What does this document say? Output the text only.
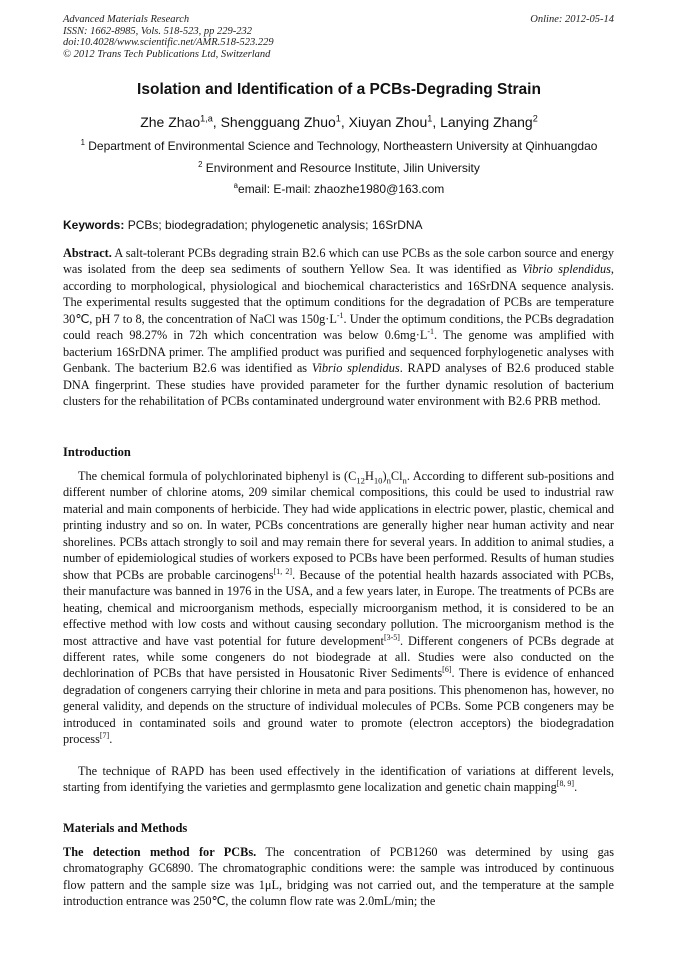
Advanced Materials Research
ISSN: 1662-8985, Vols. 518-523, pp 229-232
doi:10.4028/www.scientific.net/AMR.518-523.229
© 2012 Trans Tech Publications Ltd, Switzerland
Online: 2012-05-14
Isolation and Identification of a PCBs-Degrading Strain
Zhe Zhao$^{1,a}$, Shengguang Zhuo$^1$, Xiuyan Zhou$^1$, Lanying Zhang$^2$
$^1$ Department of Environmental Science and Technology, Northeastern University at Qinhuangdao
$^2$ Environment and Resource Institute, Jilin University
$^a$email: E-mail: zhaozhe1980@163.com
Keywords: PCBs; biodegradation; phylogenetic analysis; 16SrDNA
Abstract. A salt-tolerant PCBs degrading strain B2.6 which can use PCBs as the sole carbon source and energy was isolated from the deep sea sediments of southern Yellow Sea. It was identified as Vibrio splendidus, according to morphological, physiological and biochemical characteristics and 16SrDNA sequence analysis. The experimental results suggested that the optimum conditions for the degradation of PCBs are temperature 30℃, pH 7 to 8, the concentration of NaCl was $150g\cdot L^{-1}$. Under the optimum conditions, the PCBs degradation could reach 98.27% in 72h which concentration was below $0.6mg\cdot L^{-1}$. The genome was amplified with bacterium 16SrDNA primer. The amplified product was purified and sequenced forphylogenetic analyses with Genbank. The bacterium B2.6 was identified as Vibrio splendidus. RAPD analyses of B2.6 produced stable DNA fingerprint. These studies have provided parameter for the further dynamic resolution of bacterium clusters for the rehabilitation of PCBs contaminated underground water environment with B2.6 PRB method.
Introduction
The chemical formula of polychlorinated biphenyl is $(C_{12}H_{10})_nCl_n$. According to different sub-positions and different number of chlorine atoms, 209 similar chemical compositions, this could be used to industrial raw material and main components of herbicide. They had wide applications in electric power, plastic, chemical and printing industry and so on. In water, PCBs concentrations are generally higher near human activity and near shorelines. PCBs attach strongly to soil and may remain there for several years. In addition to animal studies, a number of epidemiological studies of workers exposed to PCBs have been performed. Results of human studies show that PCBs are probable carcinogens[1, 2]. Because of the potential health hazards associated with PCBs, their manufacture was banned in 1976 in the USA, and a few years later, in Europe. The treatments of PCBs are heating, chemical and microorganism methods, especially microorganism method, it is considered to be an effective method with low costs and without causing secondary pollution. The microorganism method is the most attractive and have vast potential for future development[3-5]. Different congeners of PCBs degrade at different rates, while some congeners do not biodegrade at all. Studies were also conducted on the dechlorination of PCBs that have persisted in Housatonic River Sediments[6]. There is evidence of enhanced degradation of congeners carrying their chlorine in meta and para positions. This phenomenon has, however, no general validity, and depends on the structure of individual molecules of PCBs. Some PCB congeners may be introduced in contaminated soils and ground water to promote (electron acceptors) the biodegradation process[7].
The technique of RAPD has been used effectively in the identification of variations at different levels, starting from identifying the varieties and germplasmto gene localization and genetic chain mapping[8, 9].
Materials and Methods
The detection method for PCBs. The concentration of PCB1260 was determined by using gas chromatography GC6890. The chromatographic conditions were: the sample was introduced by continuous flow pattern and the sample size was 1μL, bridging was not carried out, and the temperature at the sample introduction entrance was 250℃, the column flow rate was 2.0mL/min; the
